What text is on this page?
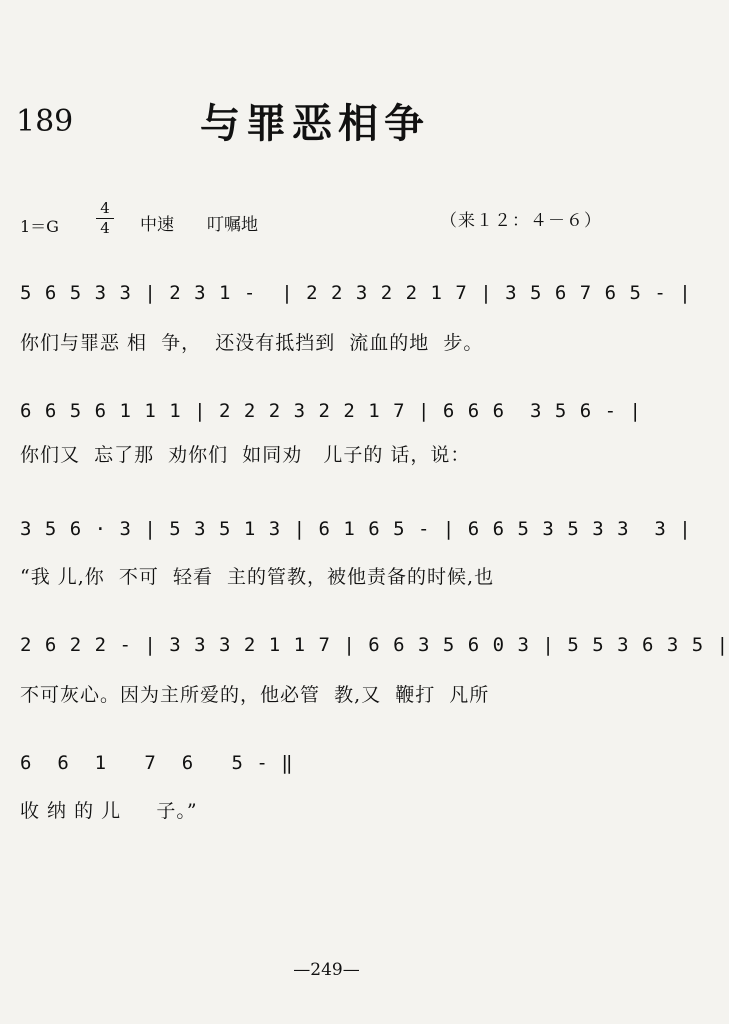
189	与罪恶相争
1＝G
4
4 中速 叮嘱地	（来１２：４－６）
5 6 5 3 3 | 2 3 1 -  | 2 2 3 2 2 1 7 | 3 5 6 7 6 5 - |
你们与罪恶 相  争，  还没有抵挡到  流血的地  步。
6 6 5 6 1 1 1 | 2 2 2 3 2 2 1 7 | 6 6 6  3 5 6 - |
你们又  忘了那  劝你们  如同劝   儿子的 话，说：
3 5 6 · 3 | 5 3 5 1 3 | 6 1 6 5 - | 6 6 5 3 5 3 3  3 |
“我 儿,你  不可  轻看  主的管教，被他责备的时候,也
2 6 2 2 - | 3 3 3 2 1 1 7 | 6 6 3 5 6 0 3 | 5 5 3 6 3 5 |
不可灰心。因为主所爱的，他必管  教,又  鞭打  凡所
6  6  1   7  6   5 - ‖
收 纳 的 儿     子。”
—249—
